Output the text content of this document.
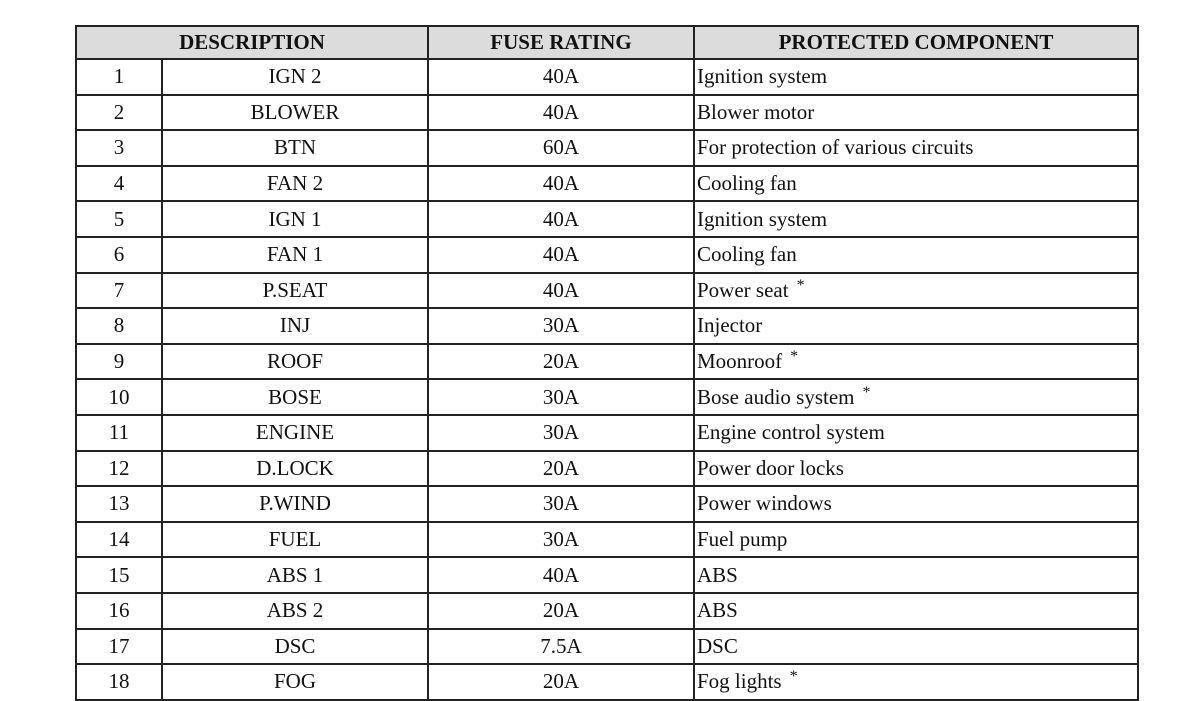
DESCRIPTION		FUSE RATING	PROTECTED COMPONENT
1	IGN 2	40A	Ignition system
2	BLOWER	40A	Blower motor
3	BTN	60A	For protection of various circuits
4	FAN 2	40A	Cooling fan
5	IGN 1	40A	Ignition system
6	FAN 1	40A	Cooling fan
7	P.SEAT	40A	Power seat *
8	INJ	30A	Injector
9	ROOF	20A	Moonroof *
10	BOSE	30A	Bose audio system *
11	ENGINE	30A	Engine control system
12	D.LOCK	20A	Power door locks
13	P.WIND	30A	Power windows
14	FUEL	30A	Fuel pump
15	ABS 1	40A	ABS
16	ABS 2	20A	ABS
17	DSC	7.5A	DSC
18	FOG	20A	Fog lights *
